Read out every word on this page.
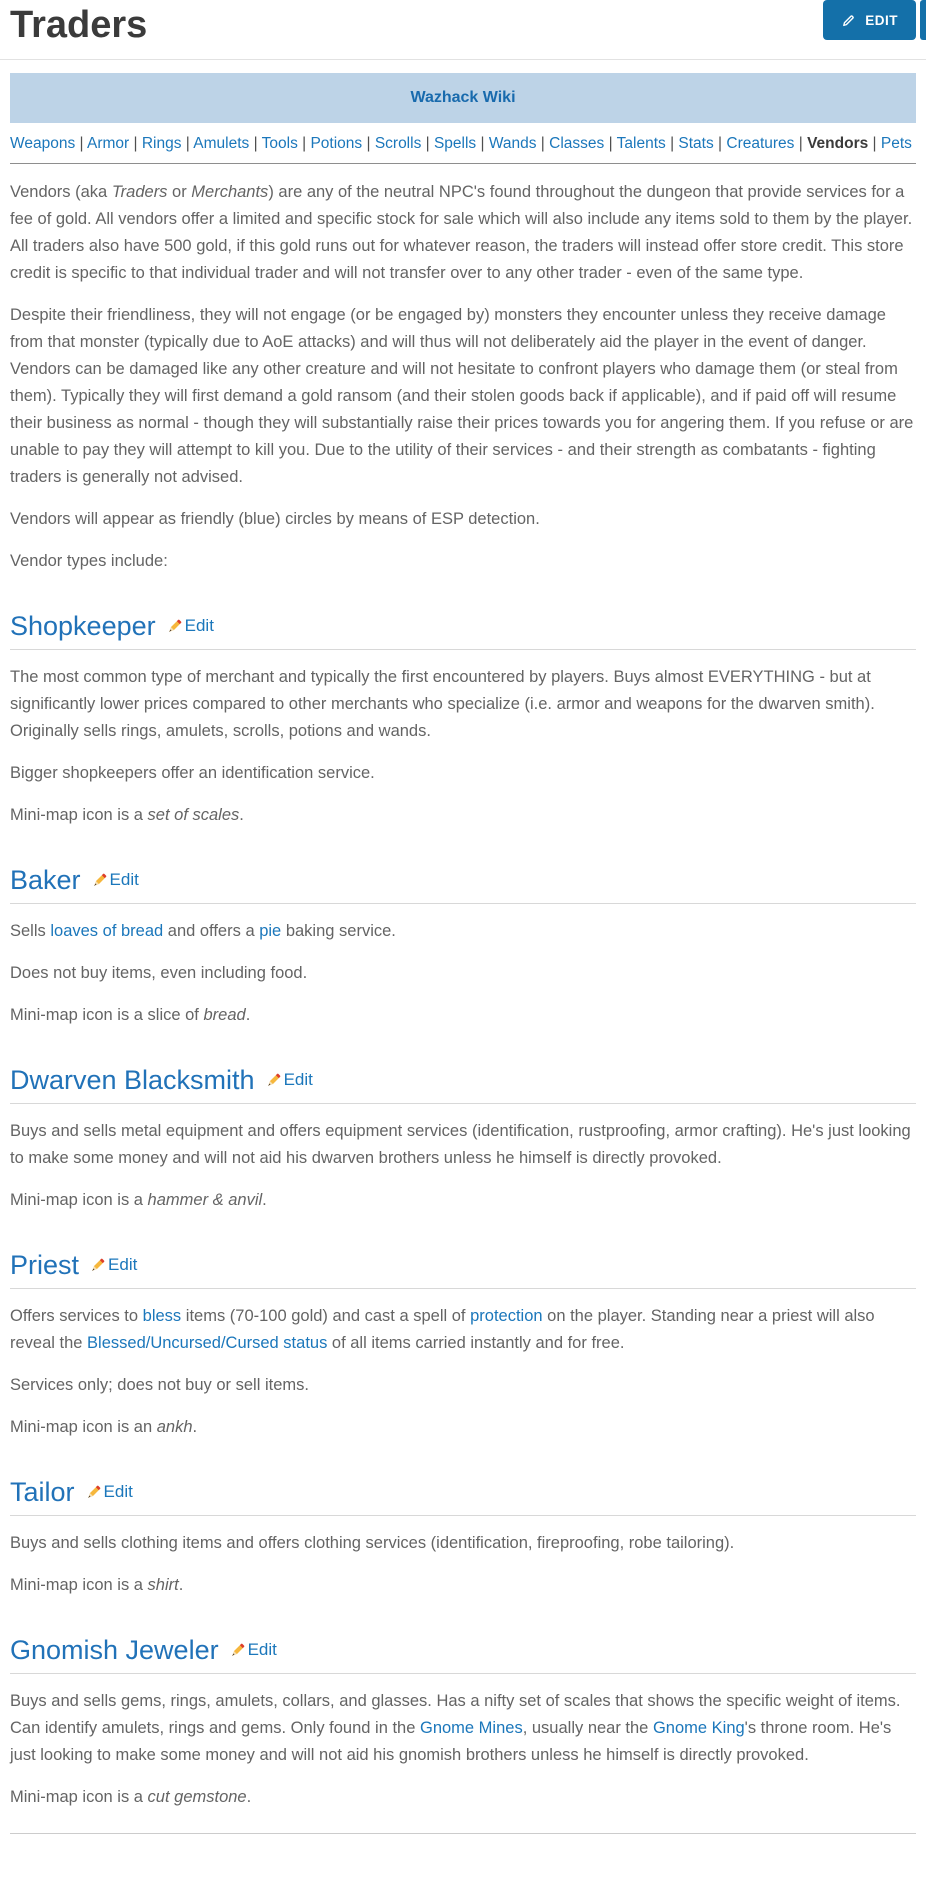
Traders	EDIT
Wazhack Wiki
Weapons | Armor | Rings | Amulets | Tools | Potions | Scrolls | Spells | Wands | Classes | Talents | Stats | Creatures | Vendors | Pets

Vendors (aka Traders or Merchants) are any of the neutral NPC's found throughout the dungeon that provide services for a fee of gold. All vendors offer a limited and specific stock for sale which will also include any items sold to them by the player. All traders also have 500 gold, if this gold runs out for whatever reason, the traders will instead offer store credit. This store credit is specific to that individual trader and will not transfer over to any other trader - even of the same type.

Despite their friendliness, they will not engage (or be engaged by) monsters they encounter unless they receive damage from that monster (typically due to AoE attacks) and will thus will not deliberately aid the player in the event of danger. Vendors can be damaged like any other creature and will not hesitate to confront players who damage them (or steal from them). Typically they will first demand a gold ransom (and their stolen goods back if applicable), and if paid off will resume their business as normal - though they will substantially raise their prices towards you for angering them. If you refuse or are unable to pay they will attempt to kill you. Due to the utility of their services - and their strength as combatants - fighting traders is generally not advised.

Vendors will appear as friendly (blue) circles by means of ESP detection.

Vendor types include:

Shopkeeper Edit

The most common type of merchant and typically the first encountered by players. Buys almost EVERYTHING - but at significantly lower prices compared to other merchants who specialize (i.e. armor and weapons for the dwarven smith). Originally sells rings, amulets, scrolls, potions and wands.

Bigger shopkeepers offer an identification service.

Mini-map icon is a set of scales.

Baker Edit

Sells loaves of bread and offers a pie baking service.

Does not buy items, even including food.

Mini-map icon is a slice of bread.

Dwarven Blacksmith Edit

Buys and sells metal equipment and offers equipment services (identification, rustproofing, armor crafting). He's just looking to make some money and will not aid his dwarven brothers unless he himself is directly provoked.

Mini-map icon is a hammer & anvil.

Priest Edit

Offers services to bless items (70-100 gold) and cast a spell of protection on the player. Standing near a priest will also reveal the Blessed/Uncursed/Cursed status of all items carried instantly and for free.

Services only; does not buy or sell items.

Mini-map icon is an ankh.

Tailor Edit

Buys and sells clothing items and offers clothing services (identification, fireproofing, robe tailoring).

Mini-map icon is a shirt.

Gnomish Jeweler Edit

Buys and sells gems, rings, amulets, collars, and glasses. Has a nifty set of scales that shows the specific weight of items. Can identify amulets, rings and gems. Only found in the Gnome Mines, usually near the Gnome King's throne room. He's just looking to make some money and will not aid his gnomish brothers unless he himself is directly provoked.

Mini-map icon is a cut gemstone.
